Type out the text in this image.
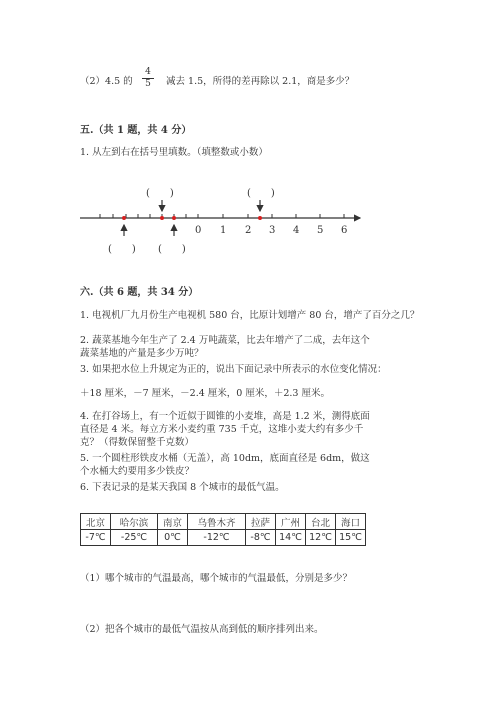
（2）4.5 的
4
5	减去 1.5，所得的差再除以 2.1，商是多少？
五.（共 1 题，共 4 分）
1. 从左到右在括号里填数。（填整数或小数）
(　　)	(　　)
(　　) (　　)
0 1 2 3 4 5 6
六.（共 6 题，共 34 分）
1. 电视机厂九月份生产电视机 580 台，比原计划增产 80 台，增产了百分之几？
2. 蔬菜基地今年生产了 2.4 万吨蔬菜，比去年增产了二成，去年这个蔬菜基地的产量是多少万吨？
3. 如果把水位上升规定为正的，说出下面记录中所表示的水位变化情况：
＋18 厘米，－7 厘米，－2.4 厘米，0 厘米，＋2.3 厘米。
4. 在打谷场上，有一个近似于圆锥的小麦堆，高是 1.2 米，测得底面直径是 4 米。每立方米小麦约重 735 千克，这堆小麦大约有多少千克？（得数保留整千克数）
5. 一个圆柱形铁皮水桶（无盖），高 10dm，底面直径是 6dm，做这个水桶大约要用多少铁皮？
6. 下表记录的是某天我国 8 个城市的最低气温。
北京	哈尔滨	南京	乌鲁木齐	拉萨	广州	台北	海口
-7℃	-25℃	0℃	-12℃	-8℃	14℃	12℃	15℃
（1）哪个城市的气温最高，哪个城市的气温最低，分别是多少？
（2）把各个城市的最低气温按从高到低的顺序排列出来。
